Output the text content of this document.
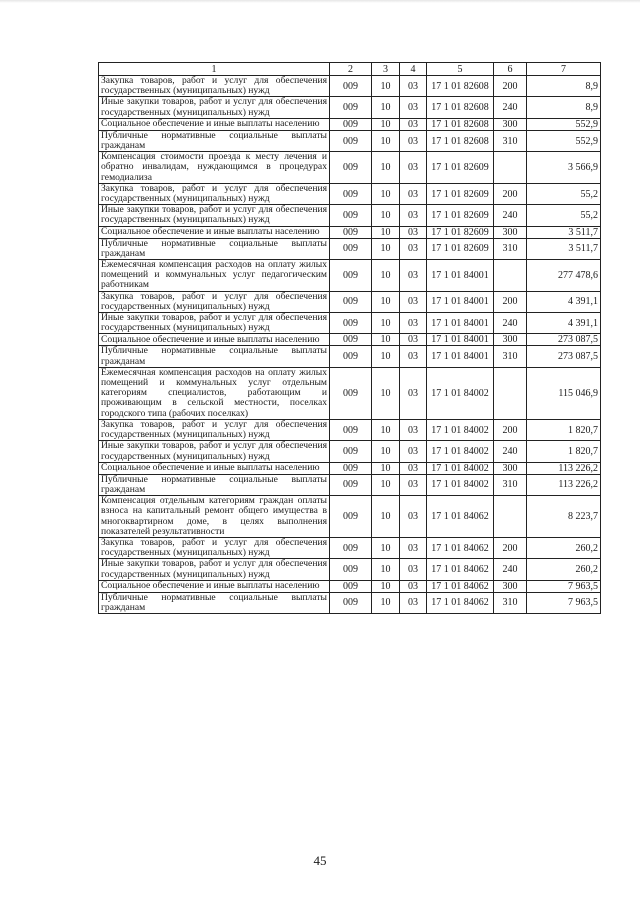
1	2	3	4	5	6	7
Закупка товаров, работ и услуг для обеспечения государственных (муниципальных) нужд	009	10	03	17 1 01 82608	200	8,9
Иные закупки товаров, работ и услуг для обеспечения государственных (муниципальных) нужд	009	10	03	17 1 01 82608	240	8,9
Социальное обеспечение и иные выплаты населению	009	10	03	17 1 01 82608	300	552,9
Публичные нормативные социальные выплаты гражданам	009	10	03	17 1 01 82608	310	552,9
Компенсация стоимости проезда к месту лечения и обратно инвалидам, нуждающимся в процедурах гемодиализа	009	10	03	17 1 01 82609		3 566,9
Закупка товаров, работ и услуг для обеспечения государственных (муниципальных) нужд	009	10	03	17 1 01 82609	200	55,2
Иные закупки товаров, работ и услуг для обеспечения государственных (муниципальных) нужд	009	10	03	17 1 01 82609	240	55,2
Социальное обеспечение и иные выплаты населению	009	10	03	17 1 01 82609	300	3 511,7
Публичные нормативные социальные выплаты гражданам	009	10	03	17 1 01 82609	310	3 511,7
Ежемесячная компенсация расходов на оплату жилых помещений и коммунальных услуг педагогическим работникам	009	10	03	17 1 01 84001		277 478,6
Закупка товаров, работ и услуг для обеспечения государственных (муниципальных) нужд	009	10	03	17 1 01 84001	200	4 391,1
Иные закупки товаров, работ и услуг для обеспечения государственных (муниципальных) нужд	009	10	03	17 1 01 84001	240	4 391,1
Социальное обеспечение и иные выплаты населению	009	10	03	17 1 01 84001	300	273 087,5
Публичные нормативные социальные выплаты гражданам	009	10	03	17 1 01 84001	310	273 087,5
Ежемесячная компенсация расходов на оплату жилых помещений и коммунальных услуг отдельным категориям специалистов, работающим и проживающим в сельской местности, поселках городского типа (рабочих поселках)	009	10	03	17 1 01 84002		115 046,9
Закупка товаров, работ и услуг для обеспечения государственных (муниципальных) нужд	009	10	03	17 1 01 84002	200	1 820,7
Иные закупки товаров, работ и услуг для обеспечения государственных (муниципальных) нужд	009	10	03	17 1 01 84002	240	1 820,7
Социальное обеспечение и иные выплаты населению	009	10	03	17 1 01 84002	300	113 226,2
Публичные нормативные социальные выплаты гражданам	009	10	03	17 1 01 84002	310	113 226,2
Компенсация отдельным категориям граждан оплаты взноса на капитальный ремонт общего имущества в многоквартирном доме, в целях выполнения показателей результативности	009	10	03	17 1 01 84062		8 223,7
Закупка товаров, работ и услуг для обеспечения государственных (муниципальных) нужд	009	10	03	17 1 01 84062	200	260,2
Иные закупки товаров, работ и услуг для обеспечения государственных (муниципальных) нужд	009	10	03	17 1 01 84062	240	260,2
Социальное обеспечение и иные выплаты населению	009	10	03	17 1 01 84062	300	7 963,5
Публичные нормативные социальные выплаты гражданам	009	10	03	17 1 01 84062	310	7 963,5
45
